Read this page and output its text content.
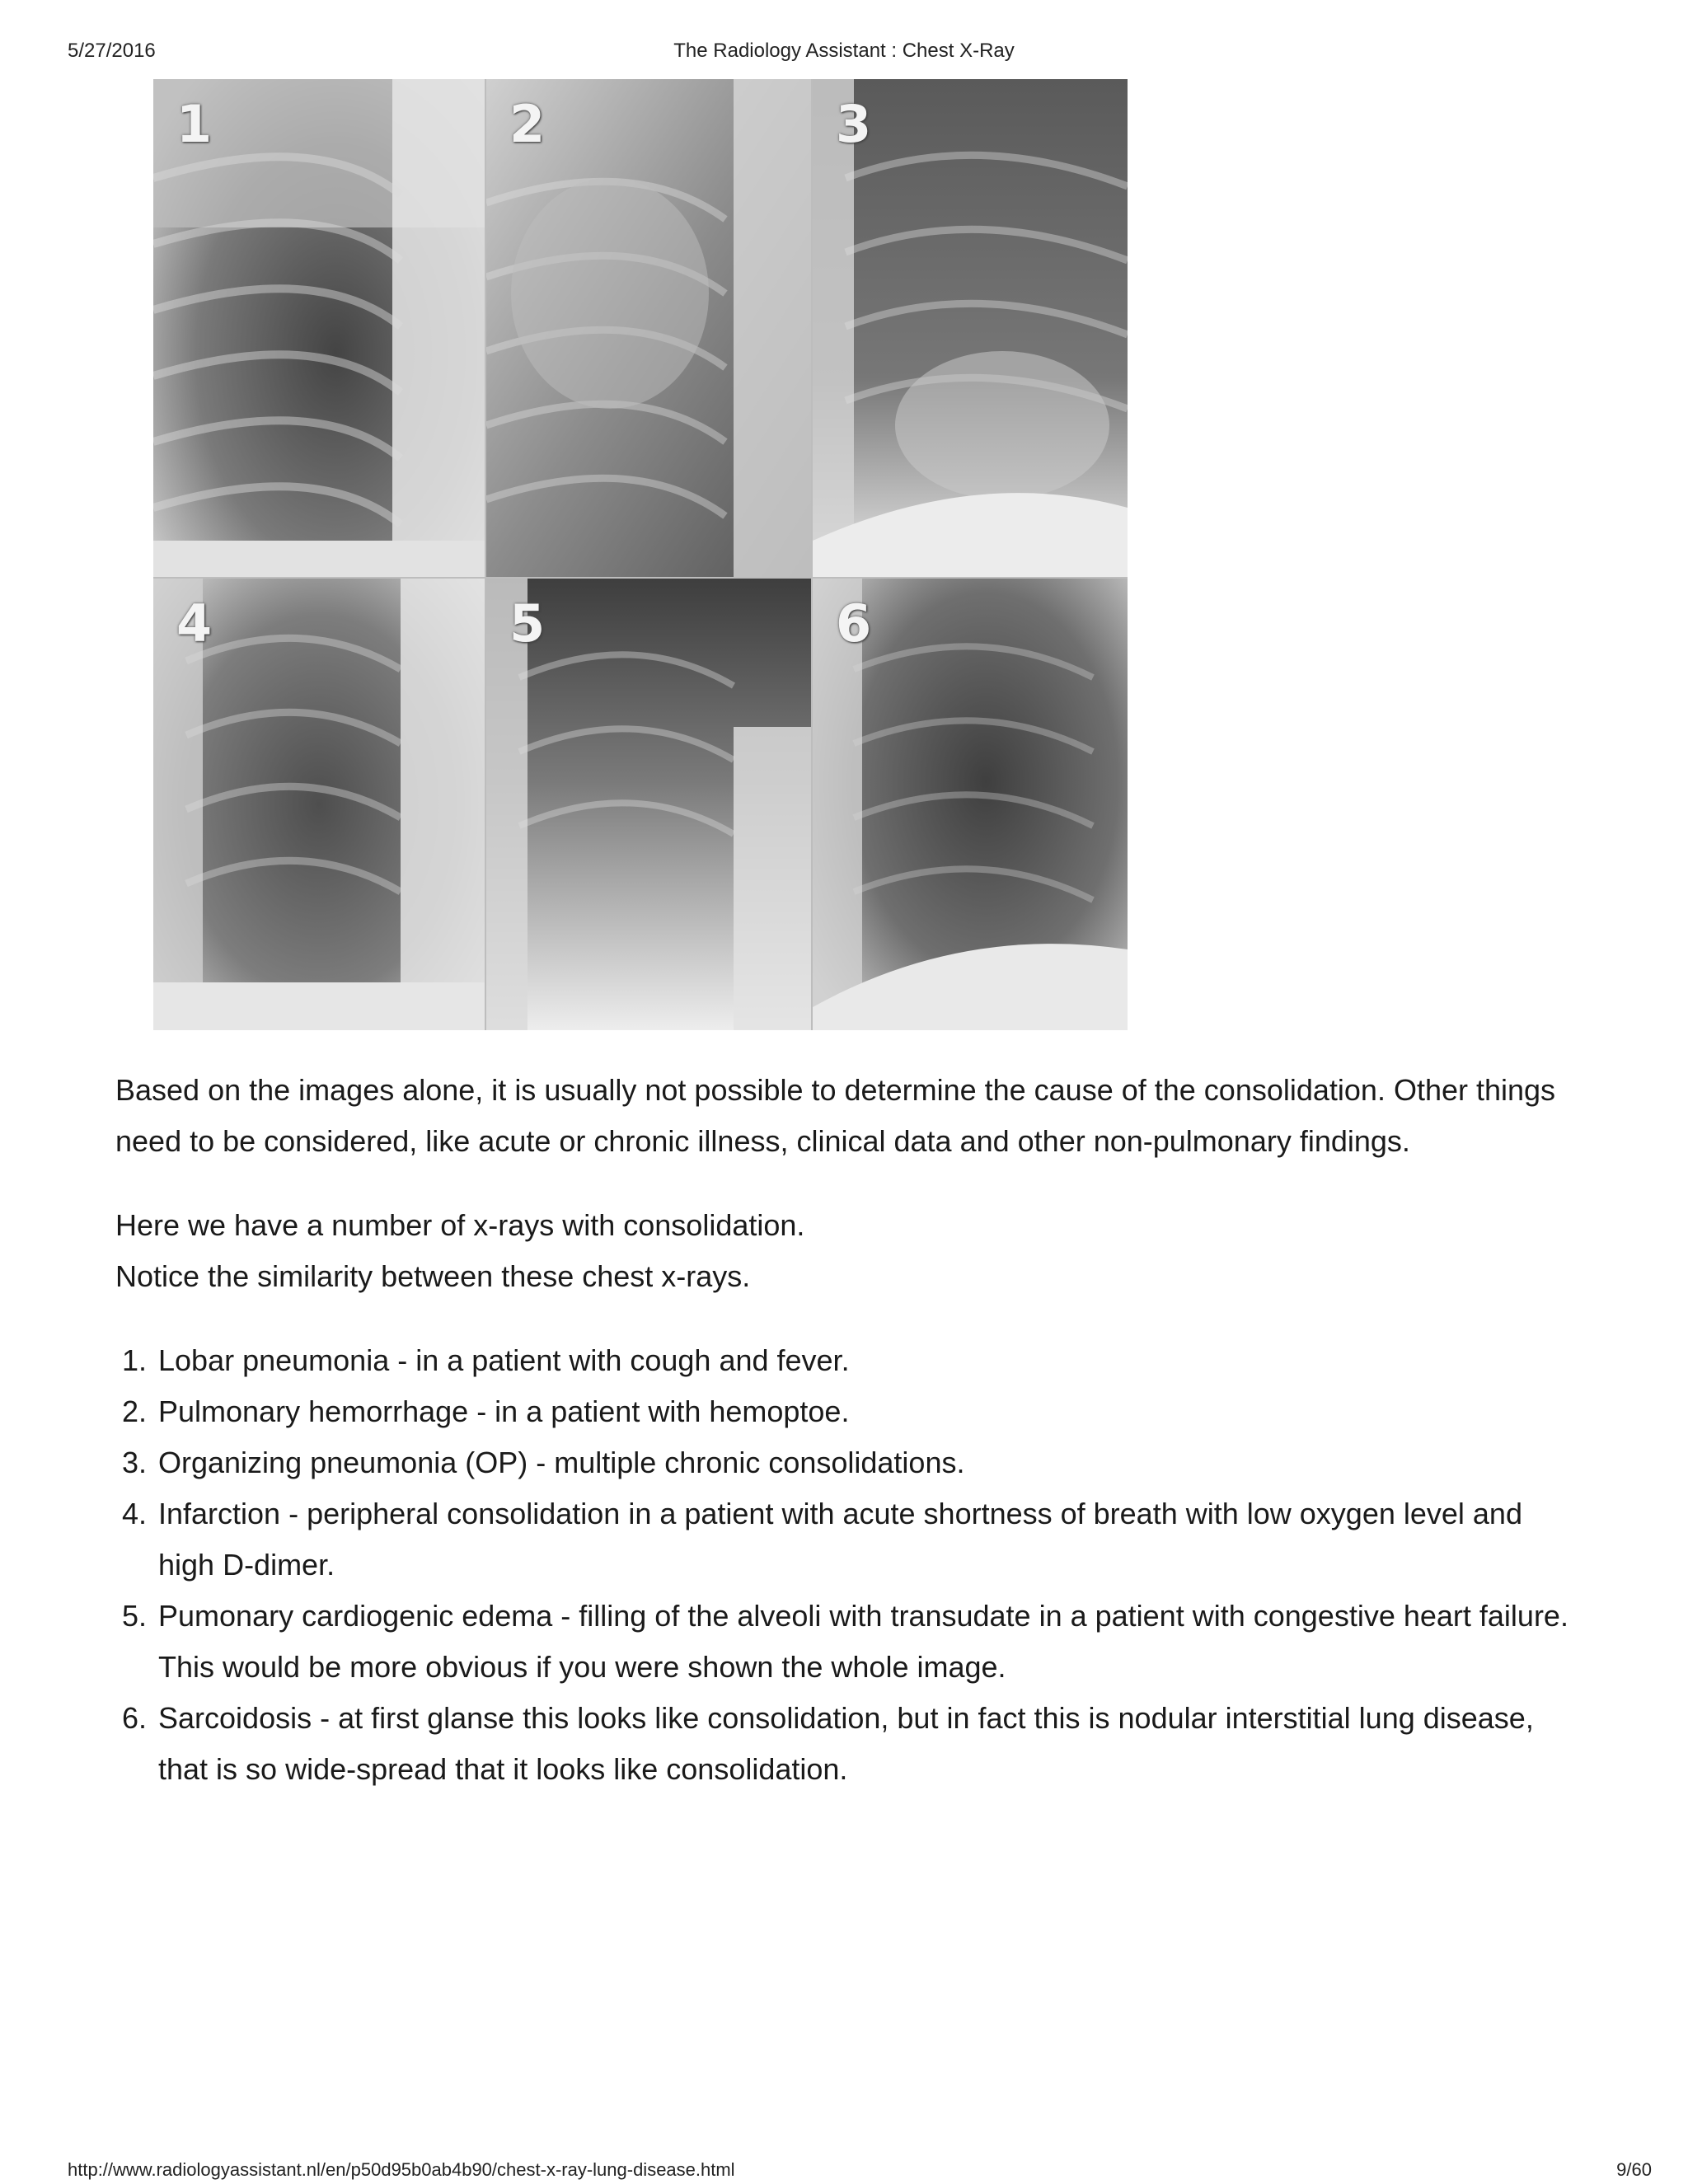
5/27/2016	The Radiology Assistant : Chest X-Ray
1	2	3
4	5	6

Based on the images alone, it is usually not possible to determine the cause of the consolidation. Other things need to be considered, like acute or chronic illness, clinical data and other non-pulmonary findings.

Here we have a number of x-rays with consolidation.
Notice the similarity between these chest x-rays.

1. Lobar pneumonia - in a patient with cough and fever.
2. Pulmonary hemorrhage - in a patient with hemoptoe.
3. Organizing pneumonia (OP) - multiple chronic consolidations.
4. Infarction - peripheral consolidation in a patient with acute shortness of breath with low oxygen level and high D-dimer.
5. Pumonary cardiogenic edema - filling of the alveoli with transudate in a patient with congestive heart failure. This would be more obvious if you were shown the whole image.
6. Sarcoidosis - at first glanse this looks like consolidation, but in fact this is nodular interstitial lung disease, that is so wide-spread that it looks like consolidation.
http://www.radiologyassistant.nl/en/p50d95b0ab4b90/chest-x-ray-lung-disease.html	9/60
